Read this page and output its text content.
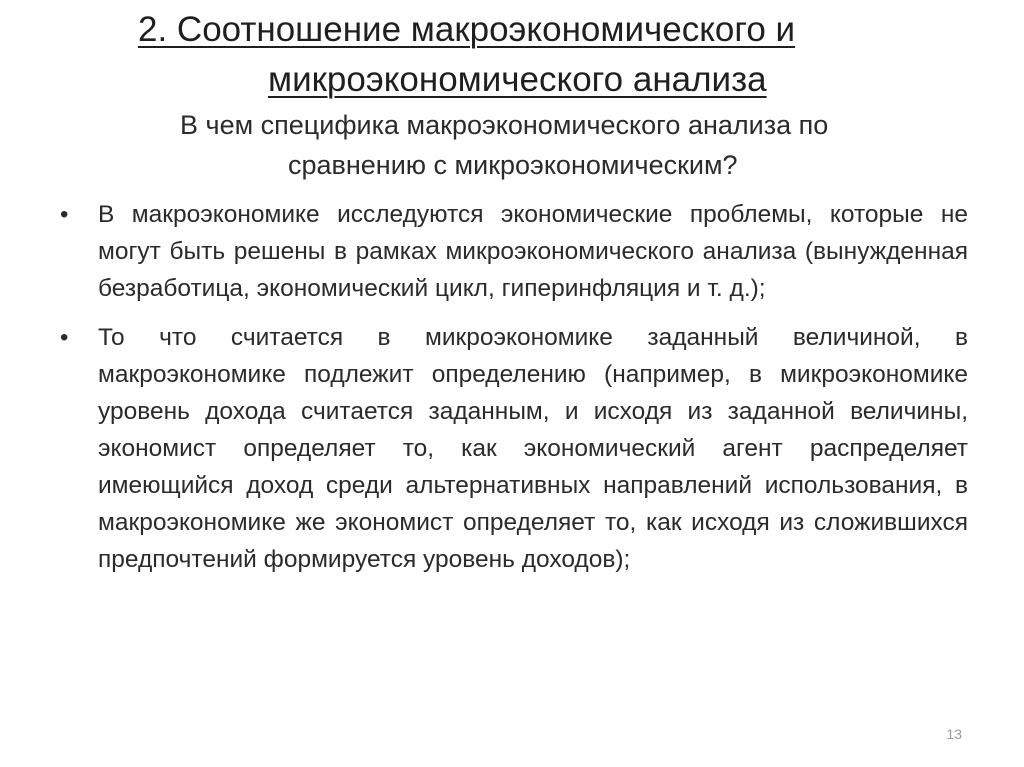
2. Соотношение макроэкономического и
микроэкономического анализа
В чем специфика макроэкономического анализа по
сравнению с микроэкономическим?
•	В макроэкономике исследуются экономические проблемы, которые не могут быть решены в рамках микроэкономического анализа (вынужденная безработица, экономический цикл, гиперинфляция и т. д.);
•	То что считается в микроэкономике заданный величиной, в макроэкономике подлежит определению (например, в микроэкономике уровень дохода считается заданным, и исходя из заданной величины, экономист определяет то, как экономический агент распределяет имеющийся доход среди альтернативных направлений использования, в макроэкономике же экономист определяет то, как исходя из сложившихся предпочтений формируется уровень доходов);
13
